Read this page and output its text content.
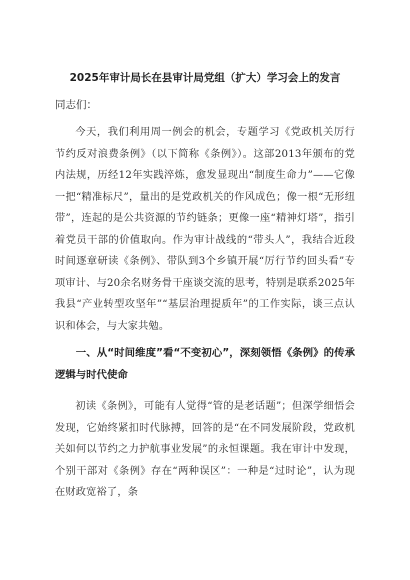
2025年审计局长在县审计局党组（扩大）学习会上的发言

同志们：

今天，我们利用周一例会的机会，专题学习《党政机关厉行节约反对浪费条例》（以下简称《条例》）。这部2013年颁布的党内法规，历经12年实践淬炼，愈发显现出“制度生命力”——它像一把“精准标尺”，量出的是党政机关的作风成色；像一根“无形纽带”，连起的是公共资源的节约链条；更像一座“精神灯塔”，指引着党员干部的价值取向。作为审计战线的“带头人”，我结合近段时间逐章研读《条例》、带队到3个乡镇开展“厉行节约回头看”专项审计、与20余名财务骨干座谈交流的思考，特别是联系2025年我县“产业转型攻坚年”“基层治理提质年”的工作实际，谈三点认识和体会，与大家共勉。

一、从“时间维度”看“不变初心”，深刻领悟《条例》的传承逻辑与时代使命

初读《条例》，可能有人觉得“管的是老话题”；但深学细悟会发现，它始终紧扣时代脉搏，回答的是“在不同发展阶段，党政机关如何以节约之力护航事业发展”的永恒课题。我在审计中发现，个别干部对《条例》存在“两种误区”：一种是“过时论”，认为现在财政宽裕了，条
